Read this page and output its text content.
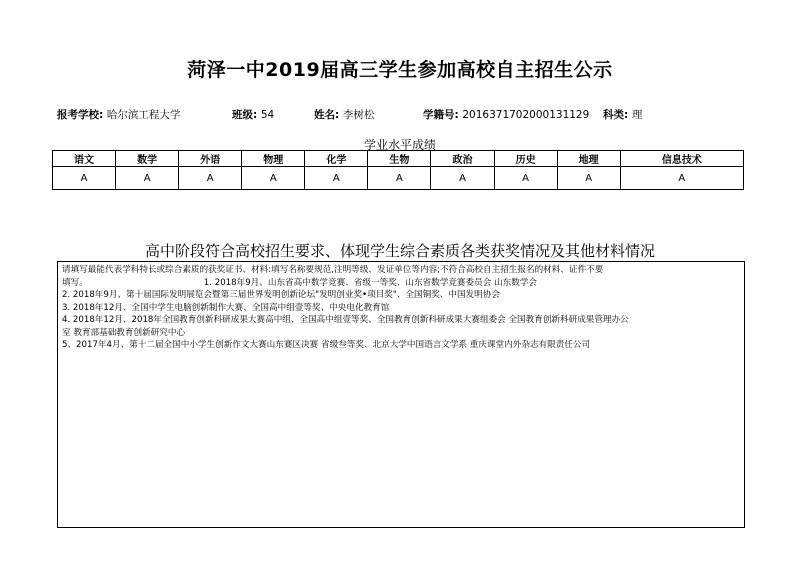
菏泽一中2019届高三学生参加高校自主招生公示
报考学校: 哈尔滨工程大学	班级: 54	姓名: 李树松	学籍号: 2016371702000131129 科类: 理
学业水平成绩
语文	数学	外语	物理	化学	生物	政治	历史	地理	信息技术
A	A	A	A	A	A	A	A	A	A
高中阶段符合高校招生要求、体现学生综合素质各类获奖情况及其他材料情况
请填写最能代表学科特长或综合素质的获奖证书、材料:填写名称要规范,注明等级、发证单位等内容;不符合高校自主招生报名的材料、证件不要
填写。	1. 2018年9月、山东省高中数学竞赛、省级一等奖、山东省数学竞赛委员会 山东数学会
2. 2018年9月、第十届国际发明展览会暨第三届世界发明创新论坛"发明创业奖•项目奖"、全国铜奖、中国发明协会
3. 2018年12月、全国中学生电脑创新制作大赛、全国高中组壹等奖、中央电化教育馆
4. 2018年12月、2018年全国教育创新科研成果大赛高中组、全国高中组壹等奖、全国教育创新科研成果大赛组委会 全国教育创新科研成果管理办公
室 教育部基础教育创新研究中心
5、2017年4月、第十二届全国中小学生创新作文大赛山东赛区决赛 省级叁等奖、北京大学中国语言文学系 重庆课堂内外杂志有限责任公司
